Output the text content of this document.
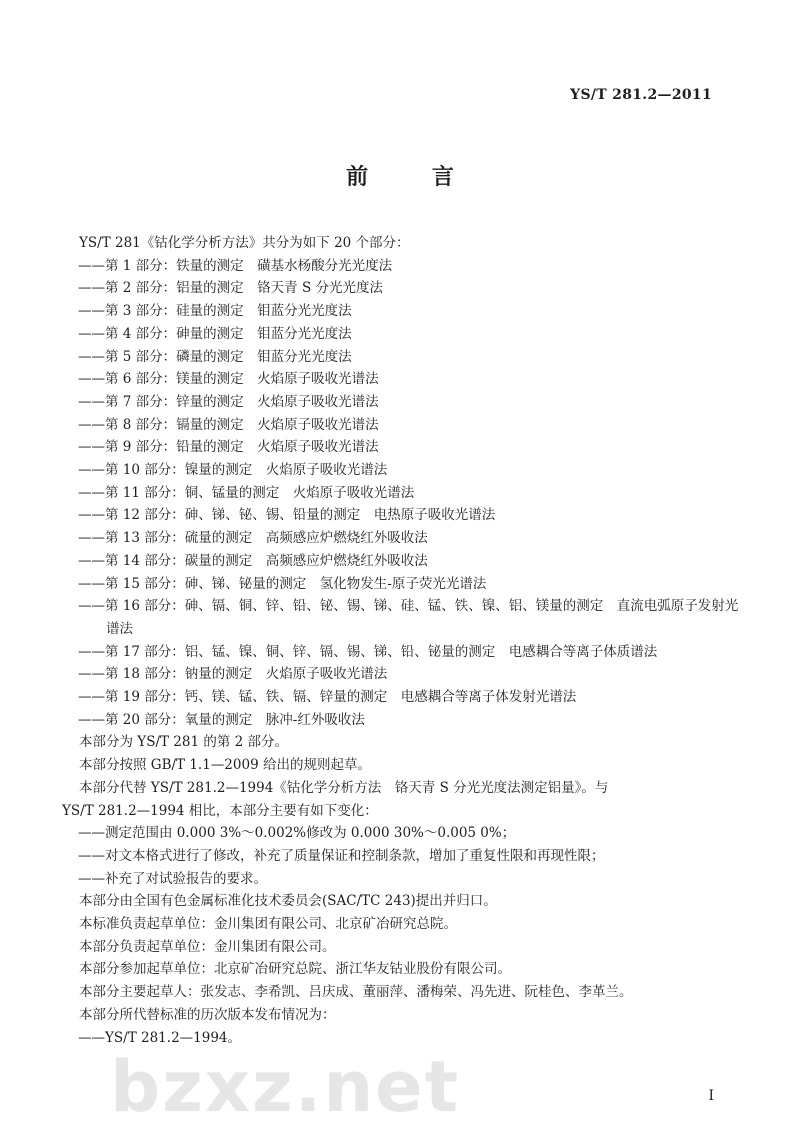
YS/T 281.2—2011
前 言
YS/T 281《钴化学分析方法》共分为如下 20 个部分：
——第 1 部分：铁量的测定　磺基水杨酸分光光度法
——第 2 部分：铝量的测定　铬天青 S 分光光度法
——第 3 部分：硅量的测定　钼蓝分光光度法
——第 4 部分：砷量的测定　钼蓝分光光度法
——第 5 部分：磷量的测定　钼蓝分光光度法
——第 6 部分：镁量的测定　火焰原子吸收光谱法
——第 7 部分：锌量的测定　火焰原子吸收光谱法
——第 8 部分：镉量的测定　火焰原子吸收光谱法
——第 9 部分：铅量的测定　火焰原子吸收光谱法
——第 10 部分：镍量的测定　火焰原子吸收光谱法
——第 11 部分：铜、锰量的测定　火焰原子吸收光谱法
——第 12 部分：砷、锑、铋、锡、铅量的测定　电热原子吸收光谱法
——第 13 部分：硫量的测定　高频感应炉燃烧红外吸收法
——第 14 部分：碳量的测定　高频感应炉燃烧红外吸收法
——第 15 部分：砷、锑、铋量的测定　氢化物发生-原子荧光光谱法
——第 16 部分：砷、镉、铜、锌、铅、铋、锡、锑、硅、锰、铁、镍、铝、镁量的测定　直流电弧原子发射光
谱法
——第 17 部分：铝、锰、镍、铜、锌、镉、锡、锑、铅、铋量的测定　电感耦合等离子体质谱法
——第 18 部分：钠量的测定　火焰原子吸收光谱法
——第 19 部分：钙、镁、锰、铁、镉、锌量的测定　电感耦合等离子体发射光谱法
——第 20 部分：氧量的测定　脉冲-红外吸收法
本部分为 YS/T 281 的第 2 部分。
本部分按照 GB/T 1.1—2009 给出的规则起草。
本部分代替 YS/T 281.2—1994《钴化学分析方法　铬天青 S 分光光度法测定铝量》。与
YS/T 281.2—1994 相比，本部分主要有如下变化：
——测定范围由 0.000 3%～0.002%修改为 0.000 30%～0.005 0%；
——对文本格式进行了修改，补充了质量保证和控制条款，增加了重复性限和再现性限；
——补充了对试验报告的要求。
本部分由全国有色金属标准化技术委员会(SAC/TC 243)提出并归口。
本标准负责起草单位：金川集团有限公司、北京矿冶研究总院。
本部分负责起草单位：金川集团有限公司。
本部分参加起草单位：北京矿冶研究总院、浙江华友钴业股份有限公司。
本部分主要起草人：张发志、李希凯、吕庆成、董丽萍、潘梅荣、冯先进、阮桂色、李革兰。
本部分所代替标准的历次版本发布情况为：
——YS/T 281.2—1994。
bzxz.net	I
